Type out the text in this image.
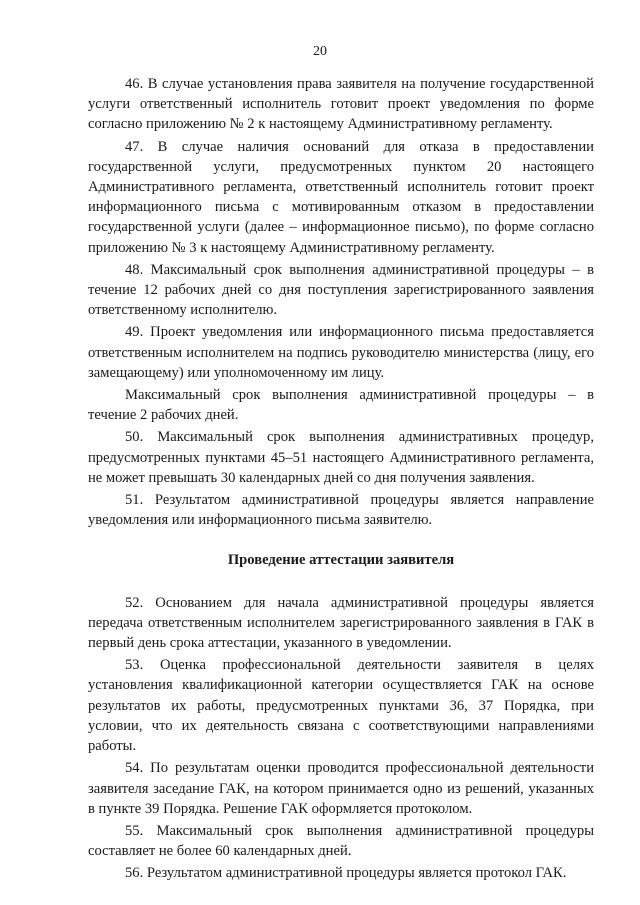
20

46. В случае установления права заявителя на получение государственной услуги ответственный исполнитель готовит проект уведомления по форме согласно приложению № 2 к настоящему Административному регламенту.

47. В случае наличия оснований для отказа в предоставлении государственной услуги, предусмотренных пунктом 20 настоящего Административного регламента, ответственный исполнитель готовит проект информационного письма с мотивированным отказом в предоставлении государственной услуги (далее – информационное письмо), по форме согласно приложению № 3 к настоящему Административному регламенту.

48. Максимальный срок выполнения административной процедуры – в течение 12 рабочих дней со дня поступления зарегистрированного заявления ответственному исполнителю.

49. Проект уведомления или информационного письма предоставляется ответственным исполнителем на подпись руководителю министерства (лицу, его замещающему) или уполномоченному им лицу.

Максимальный срок выполнения административной процедуры – в течение 2 рабочих дней.

50. Максимальный срок выполнения административных процедур, предусмотренных пунктами 45–51 настоящего Административного регламента, не может превышать 30 календарных дней со дня получения заявления.

51. Результатом административной процедуры является направление уведомления или информационного письма заявителю.

Проведение аттестации заявителя

52. Основанием для начала административной процедуры является передача ответственным исполнителем зарегистрированного заявления в ГАК в первый день срока аттестации, указанного в уведомлении.

53. Оценка профессиональной деятельности заявителя в целях установления квалификационной категории осуществляется ГАК на основе результатов их работы, предусмотренных пунктами 36, 37 Порядка, при условии, что их деятельность связана с соответствующими направлениями работы.

54. По результатам оценки проводится профессиональной деятельности заявителя заседание ГАК, на котором принимается одно из решений, указанных в пункте 39 Порядка. Решение ГАК оформляется протоколом.

55. Максимальный срок выполнения административной процедуры составляет не более 60 календарных дней.

56. Результатом административной процедуры является протокол ГАК.
